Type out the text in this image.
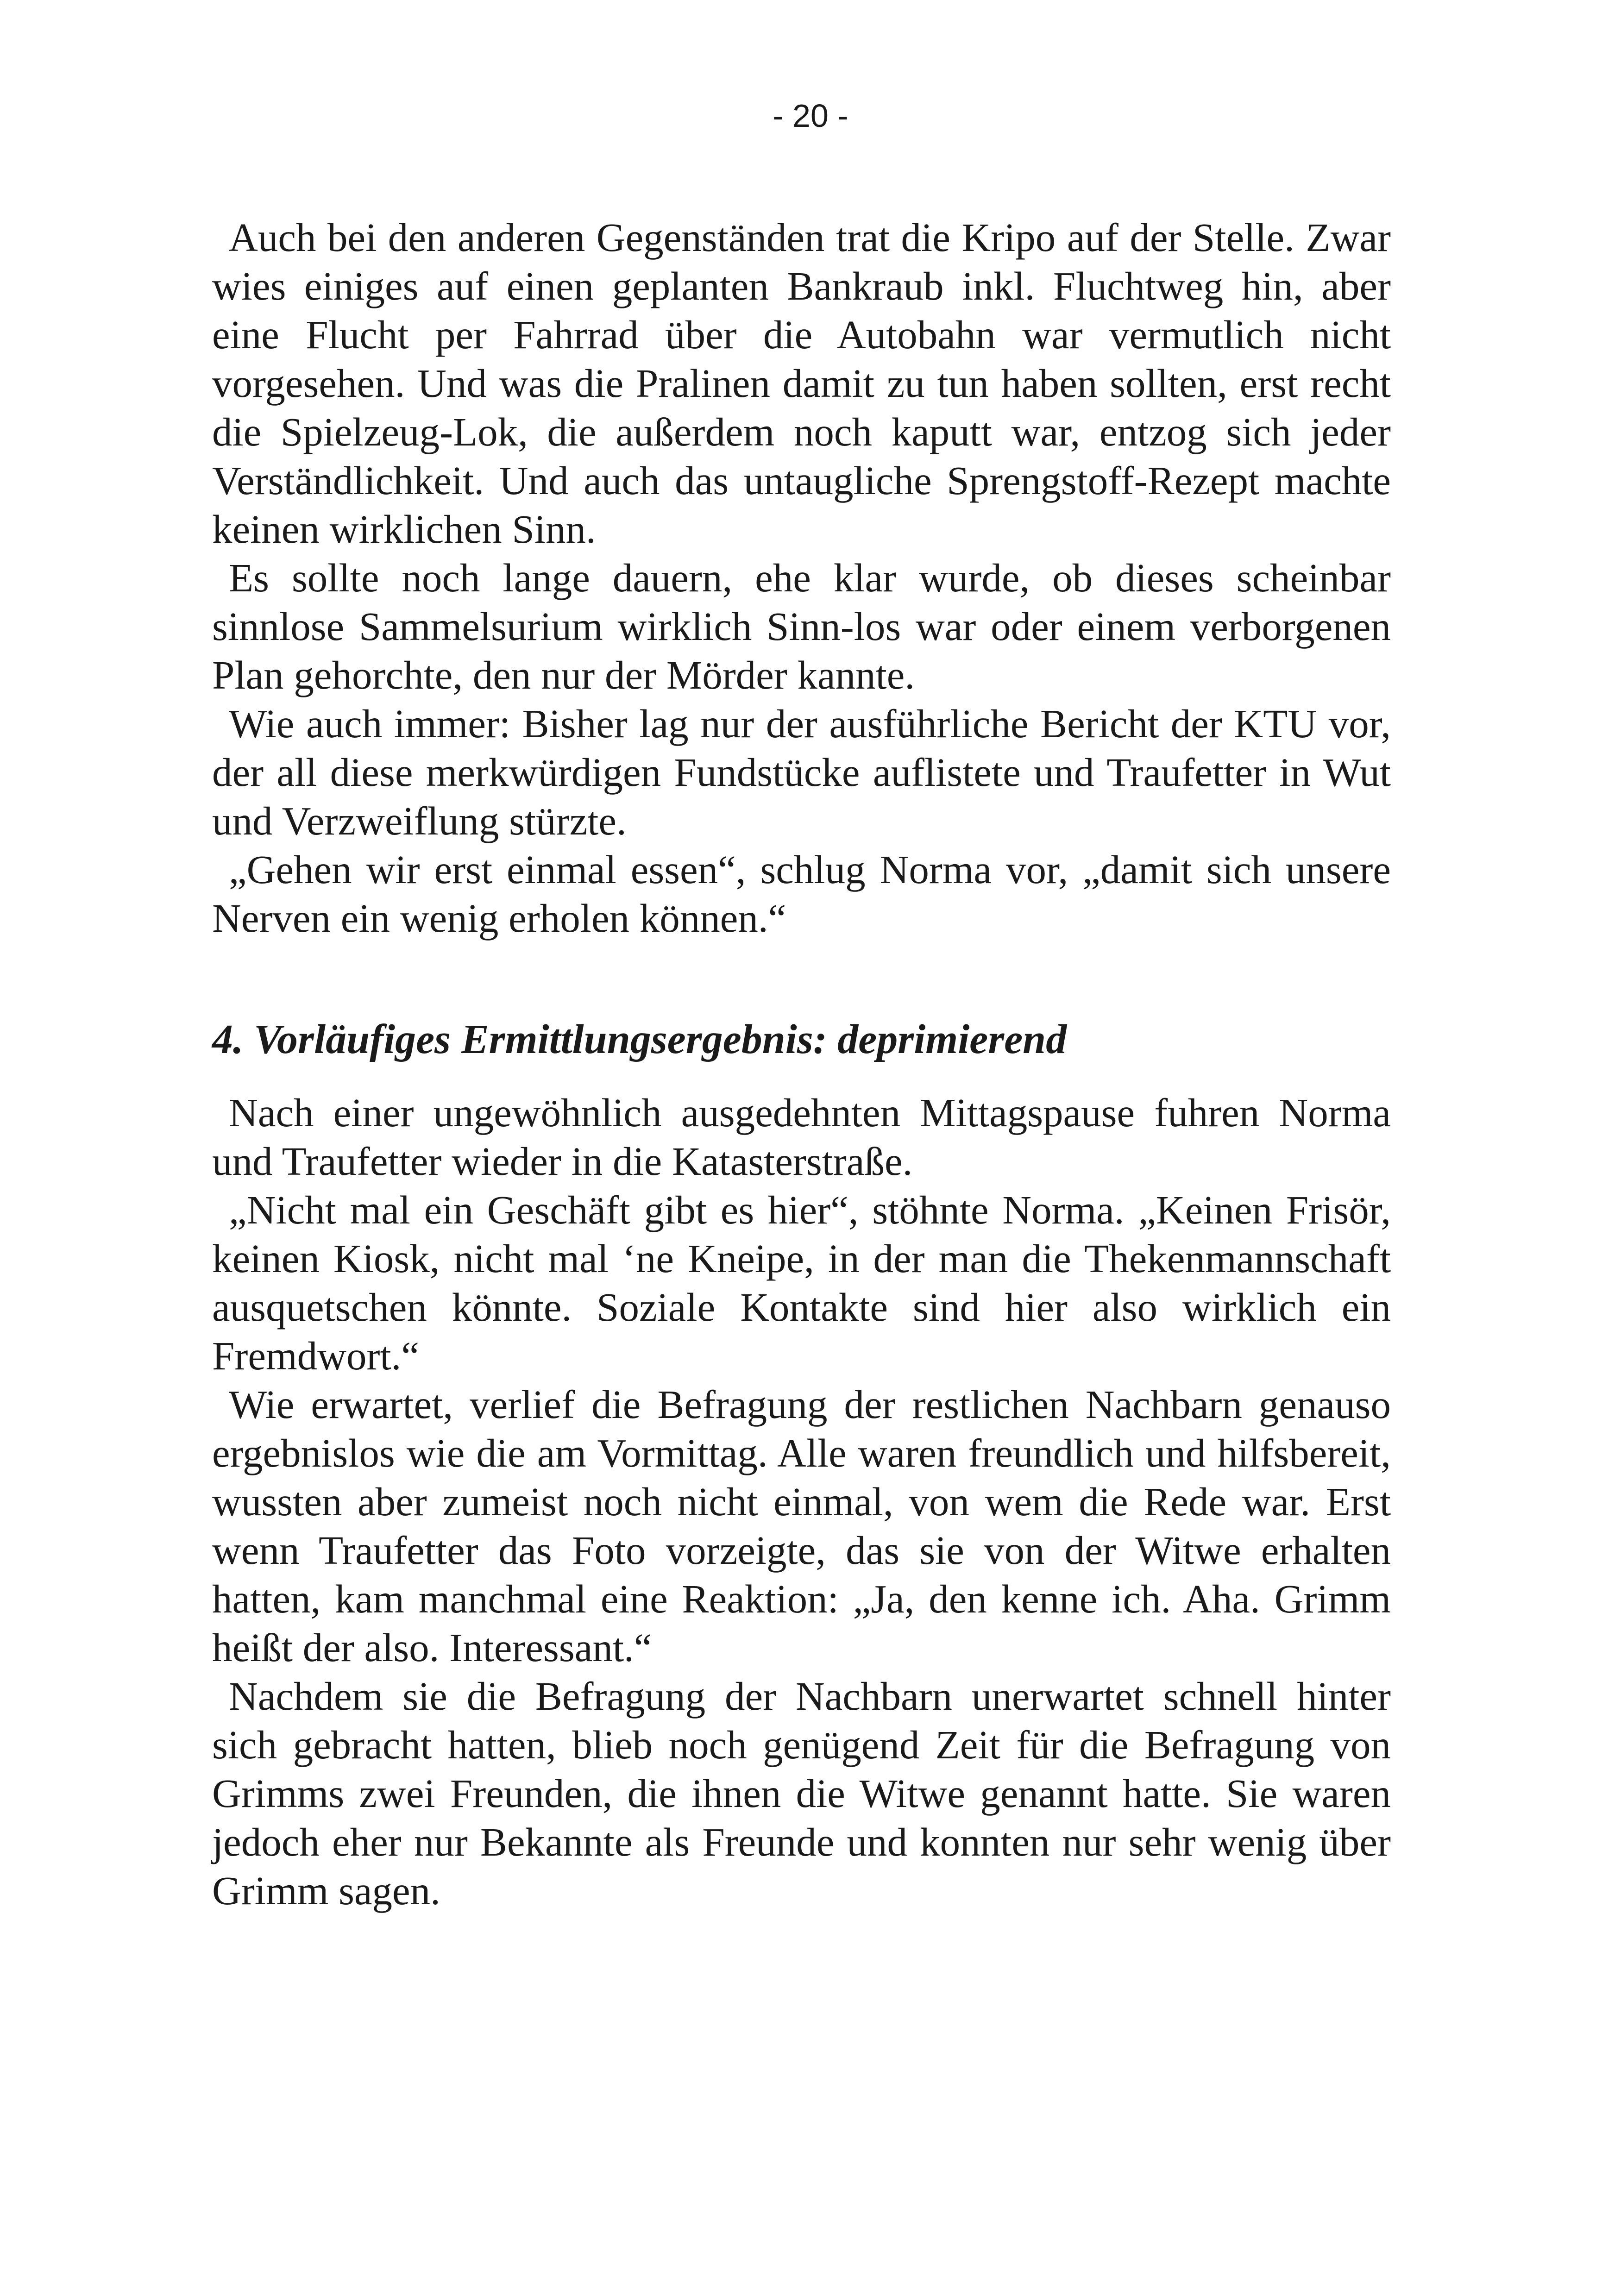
- 20 -

Auch bei den anderen Gegenständen trat die Kripo auf der Stelle. Zwar wies einiges auf einen geplanten Bankraub inkl. Fluchtweg hin, aber eine Flucht per Fahrrad über die Autobahn war vermutlich nicht vorgesehen. Und was die Pralinen damit zu tun haben sollten, erst recht die Spielzeug-Lok, die außerdem noch kaputt war, entzog sich jeder Verständlichkeit. Und auch das untaugliche Sprengstoff-Rezept machte keinen wirklichen Sinn.

Es sollte noch lange dauern, ehe klar wurde, ob dieses scheinbar sinnlose Sammelsurium wirklich Sinn-los war oder einem verborgenen Plan gehorchte, den nur der Mörder kannte.

Wie auch immer: Bisher lag nur der ausführliche Bericht der KTU vor, der all diese merkwürdigen Fundstücke auflistete und Traufetter in Wut und Verzweiflung stürzte.

„Gehen wir erst einmal essen“, schlug Norma vor, „damit sich unsere Nerven ein wenig erholen können.“

4. Vorläufiges Ermittlungsergebnis: deprimierend

Nach einer ungewöhnlich ausgedehnten Mittagspause fuhren Norma und Traufetter wieder in die Katasterstraße.

„Nicht mal ein Geschäft gibt es hier“, stöhnte Norma. „Keinen Frisör, keinen Kiosk, nicht mal ‘ne Kneipe, in der man die Thekenmannschaft ausquetschen könnte. Soziale Kontakte sind hier also wirklich ein Fremdwort.“

Wie erwartet, verlief die Befragung der restlichen Nachbarn genauso ergebnislos wie die am Vormittag. Alle waren freundlich und hilfsbereit, wussten aber zumeist noch nicht einmal, von wem die Rede war. Erst wenn Traufetter das Foto vorzeigte, das sie von der Witwe erhalten hatten, kam manchmal eine Reaktion: „Ja, den kenne ich. Aha. Grimm heißt der also. Interessant.“

Nachdem sie die Befragung der Nachbarn unerwartet schnell hinter sich gebracht hatten, blieb noch genügend Zeit für die Befragung von Grimms zwei Freunden, die ihnen die Witwe genannt hatte. Sie waren jedoch eher nur Bekannte als Freunde und konnten nur sehr wenig über Grimm sagen.
